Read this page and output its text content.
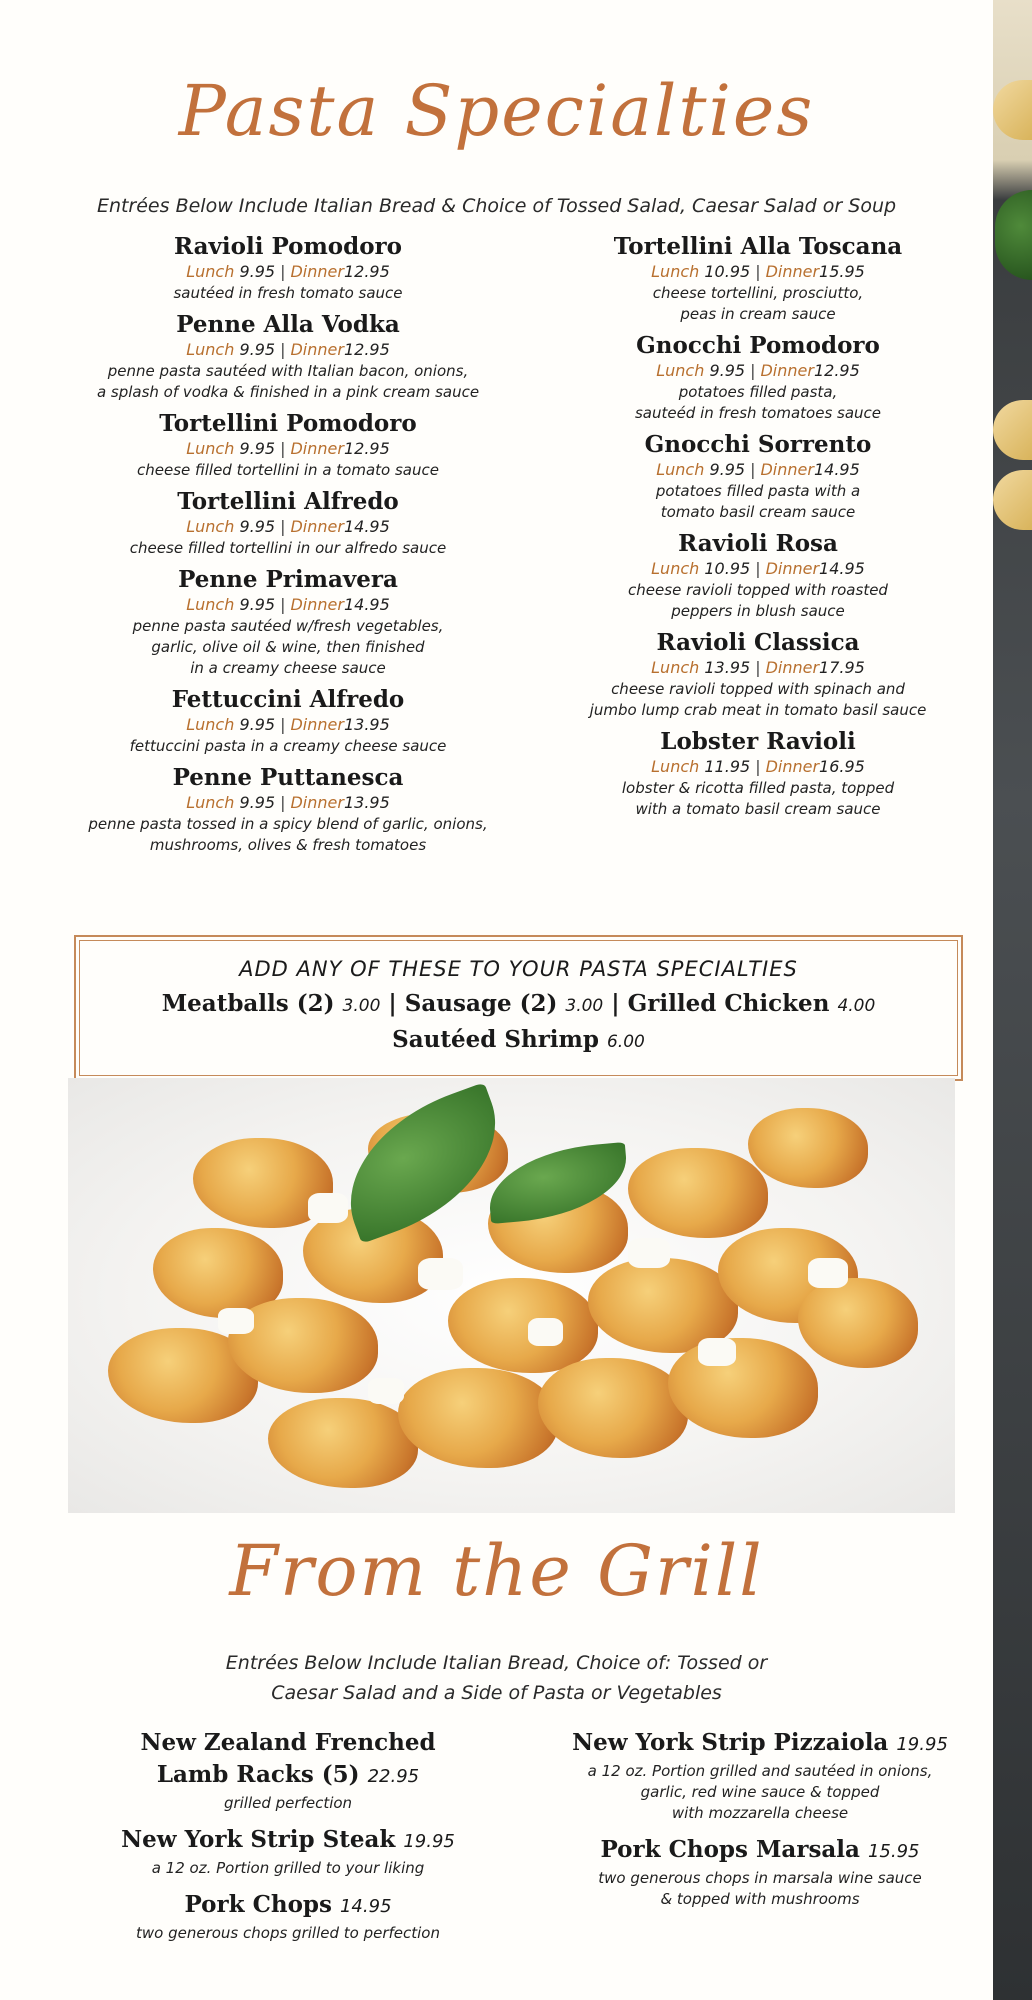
Pasta Specialties
Entrées Below Include Italian Bread & Choice of Tossed Salad, Caesar Salad or Soup
Ravioli Pomodoro
Lunch 9.95 | Dinner12.95
sautéed in fresh tomato sauce
Penne Alla Vodka
Lunch 9.95 | Dinner12.95
penne pasta sautéed with Italian bacon, onions,
a splash of vodka & finished in a pink cream sauce
Tortellini Pomodoro
Lunch 9.95 | Dinner12.95
cheese filled tortellini in a tomato sauce
Tortellini Alfredo
Lunch 9.95 | Dinner14.95
cheese filled tortellini in our alfredo sauce
Penne Primavera
Lunch 9.95 | Dinner14.95
penne pasta sautéed w/fresh vegetables,
garlic, olive oil & wine, then finished
in a creamy cheese sauce
Fettuccini Alfredo
Lunch 9.95 | Dinner13.95
fettuccini pasta in a creamy cheese sauce
Penne Puttanesca
Lunch 9.95 | Dinner13.95
penne pasta tossed in a spicy blend of garlic, onions,
mushrooms, olives & fresh tomatoes
Tortellini Alla Toscana
Lunch 10.95 | Dinner15.95
cheese tortellini, prosciutto,
peas in cream sauce
Gnocchi Pomodoro
Lunch 9.95 | Dinner12.95
potatoes filled pasta,
sauteéd in fresh tomatoes sauce
Gnocchi Sorrento
Lunch 9.95 | Dinner14.95
potatoes filled pasta with a
tomato basil cream sauce
Ravioli Rosa
Lunch 10.95 | Dinner14.95
cheese ravioli topped with roasted
peppers in blush sauce
Ravioli Classica
Lunch 13.95 | Dinner17.95
cheese ravioli topped with spinach and
jumbo lump crab meat in tomato basil sauce
Lobster Ravioli
Lunch 11.95 | Dinner16.95
lobster & ricotta filled pasta, topped
with a tomato basil cream sauce
ADD ANY OF THESE TO YOUR PASTA SPECIALTIES
Meatballs (2) 3.00 | Sausage (2) 3.00 | Grilled Chicken 4.00
Sautéed Shrimp 6.00
From the Grill
Entrées Below Include Italian Bread, Choice of: Tossed or
Caesar Salad and a Side of Pasta or Vegetables
New Zealand Frenched
Lamb Racks (5) 22.95
grilled perfection
New York Strip Steak 19.95
a 12 oz. Portion grilled to your liking
Pork Chops 14.95
two generous chops grilled to perfection
New York Strip Pizzaiola 19.95
a 12 oz. Portion grilled and sautéed in onions,
garlic, red wine sauce & topped
with mozzarella cheese
Pork Chops Marsala 15.95
two generous chops in marsala wine sauce
& topped with mushrooms
